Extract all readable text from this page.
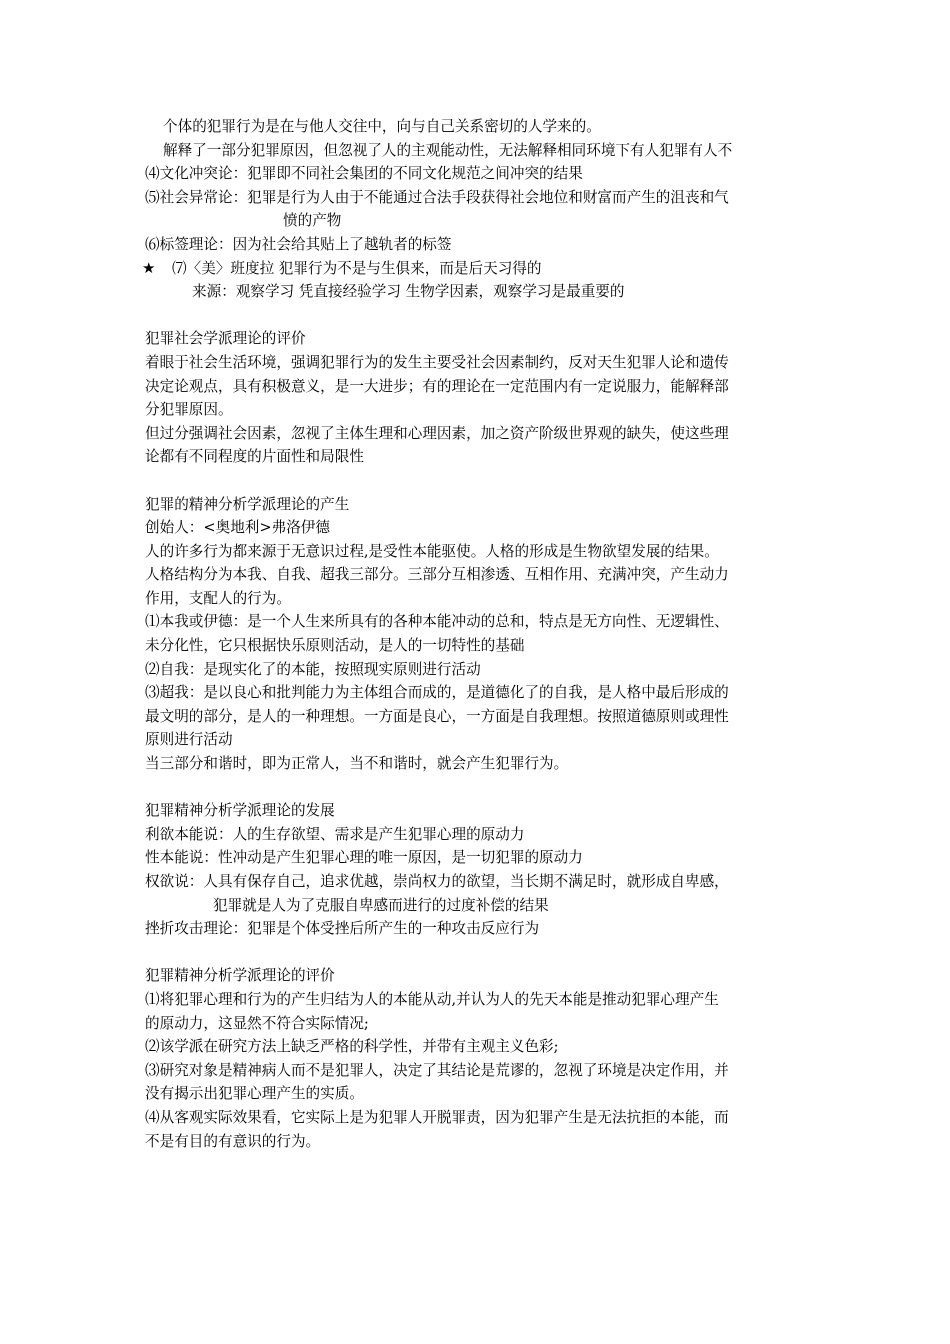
个体的犯罪行为是在与他人交往中，向与自己关系密切的人学来的。
解释了一部分犯罪原因，但忽视了人的主观能动性，无法解释相同环境下有人犯罪有人不
⑷文化冲突论：犯罪即不同社会集团的不同文化规范之间冲突的结果
⑸社会异常论：犯罪是行为人由于不能通过合法手段获得社会地位和财富而产生的沮丧和气
愤的产物
⑹标签理论：因为社会给其贴上了越轨者的标签
★ ⑺〈美〉班度拉 犯罪行为不是与生俱来，而是后天习得的
来源：观察学习 凭直接经验学习 生物学因素，观察学习是最重要的
犯罪社会学派理论的评价
着眼于社会生活环境，强调犯罪行为的发生主要受社会因素制约，反对天生犯罪人论和遗传
决定论观点，具有积极意义，是一大进步；有的理论在一定范围内有一定说服力，能解释部
分犯罪原因。
但过分强调社会因素，忽视了主体生理和心理因素，加之资产阶级世界观的缺失，使这些理
论都有不同程度的片面性和局限性
犯罪的精神分析学派理论的产生
创始人：<奥地利>弗洛伊德
人的许多行为都来源于无意识过程,是受性本能驱使。人格的形成是生物欲望发展的结果。
人格结构分为本我、自我、超我三部分。三部分互相渗透、互相作用、充满冲突，产生动力
作用，支配人的行为。
⑴本我或伊德：是一个人生来所具有的各种本能冲动的总和，特点是无方向性、无逻辑性、
未分化性，它只根据快乐原则活动，是人的一切特性的基础
⑵自我：是现实化了的本能，按照现实原则进行活动
⑶超我：是以良心和批判能力为主体组合而成的，是道德化了的自我，是人格中最后形成的
最文明的部分，是人的一种理想。一方面是良心，一方面是自我理想。按照道德原则或理性
原则进行活动
当三部分和谐时，即为正常人，当不和谐时，就会产生犯罪行为。
犯罪精神分析学派理论的发展
利欲本能说：人的生存欲望、需求是产生犯罪心理的原动力
性本能说：性冲动是产生犯罪心理的唯一原因，是一切犯罪的原动力
权欲说：人具有保存自己，追求优越，崇尚权力的欲望，当长期不满足时，就形成自卑感，
犯罪就是人为了克服自卑感而进行的过度补偿的结果
挫折攻击理论：犯罪是个体受挫后所产生的一种攻击反应行为
犯罪精神分析学派理论的评价
⑴将犯罪心理和行为的产生归结为人的本能从动,并认为人的先天本能是推动犯罪心理产生
的原动力，这显然不符合实际情况;
⑵该学派在研究方法上缺乏严格的科学性，并带有主观主义色彩;
⑶研究对象是精神病人而不是犯罪人，决定了其结论是荒谬的，忽视了环境是决定作用，并
没有揭示出犯罪心理产生的实质。
⑷从客观实际效果看，它实际上是为犯罪人开脱罪责，因为犯罪产生是无法抗拒的本能，而
不是有目的有意识的行为。
